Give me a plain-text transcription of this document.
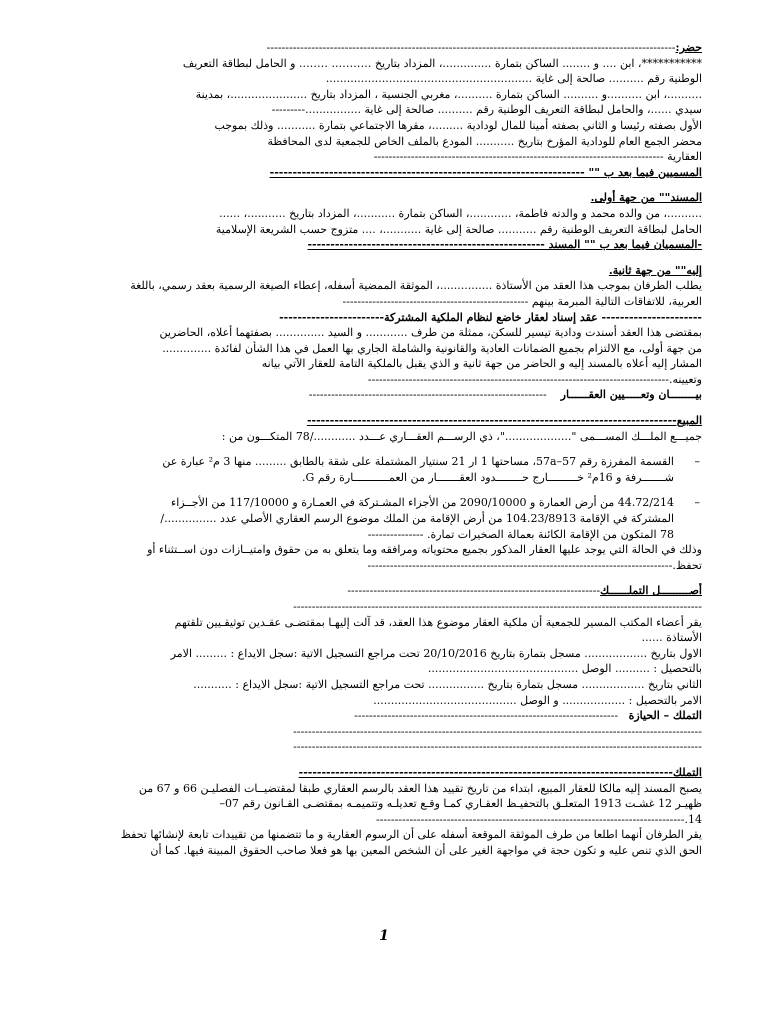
حضر:--------------------------------------------------------------------------------------------------------------
***********، ابن .... و ........ الساكن بتمارة ..............، المزداد بتاريخ ……….. …….. و الحامل لبطاقة التعريف
الوطنية رقم .......... صالحة إلى غاية ...........................................................
..........، ابن ..........و .......... الساكن بتمارة ..........، مغربي الجنسية ، المزداد بتاريخ ......................، بمدينة
سيدي ......، والحامل لبطاقة التعريف الوطنية رقم .......... صالحة إلى غاية ................---------
الأول بصفته رئيسا و الثاني بصفته أمينا للمال لودادية .........، مقرها الاجتماعي بتمارة ........... وذلك بموجب
محضر الجمع العام للودادية المؤرخ بتاريخ ........... المودع بالملف الخاص للجمعية لدى المحافظة
العقارية ------------------------------------------------------------------------------
المسميين فيما بعد ب "" ---------------------------------------------------------------------
المسند"" من جهة أولى.
..........، من والده محمد و والدته فاطمة، ............، الساكن بتمارة ...........، المزداد بتاريخ ...........، ......
الحامل لبطاقة التعريف الوطنية رقم ........... صالحة إلى غاية ...........، .... متزوج حسب الشريعة الإسلامية
-المسميان فيما بعد ب "" المسند ----------------------------------------------------
إليه"" من جهة ثانية.
يطلب الطرفان بموجب هذا العقد من الأستاذة ...............، الموثقة الممضية أسفله، إعطاء الصيغة الرسمية بعقد رسمي، باللغة
العربية، للاتفاقات التالية المبرمة بينهم --------------------------------------------------
---------------------- عقد إسناد لعقار خاضع لنظام الملكية المشتركة-----------------------
بمقتضى هذا العقد أسندت ودادية تيسير للسكن، ممثلة من طرف ............ و السيد .............. بصفتهما أعلاه، الحاضرين
من جهة أولى، مع الالتزام بجميع الضمانات العادية والقانونية والشاملة الجاري بها العمل في هذا الشأن لفائدة ..............
المشار إليه أعلاه بالمسند إليه و الحاضر من جهة ثانية و الذي يقبل بالملكية التامة للعقار الآتي بيانه
وتعيينه.---------------------------------------------------------------------------------
بيــــــــان وتعـــــيين العقــــــار    ----------------------------------------------------------------
المبيع---------------------------------------------------------------------------------
جميـــع الملـــك المســـمى "..................."، ذي الرســـم العقـــاري عـــدد ............/78 المتكـــون من :
–
القسمة المفرزة رقم 57–57a، مساحتها 1 ار 21 سنتيار المشتملة على شقة بالطابق ......... منها 3 م² عبارة عن
شـــــــرفة و 16م² خـــــــــارج حــــــــدود العقـــــــار من العمـــــــــــارة رقم G.
–
44.72/214 من أرض العمارة و 2090/10000 من الأجزاء المشـتركة في العمـارة و 117/10000 من الأجــزاء
المشتركة في الإقامة 104.23/8913 من أرض الإقامة من الملك موضوع الرسم العقاري الأصلي عدد .............../
78 المتكون من الإقامة الكائنة بعمالة الصخيرات تمارة. ---------------
وذلك في الحالة التي يوجد عليها العقار المذكور بجميع محتوياته ومرافقه وما يتعلق به من حقوق وامتيــازات دون اســتثناء أو
تحفظ.----------------------------------------------------------------------------------
أصـــــــــل التملــــــك--------------------------------------------------------------------
--------------------------------------------------------------------------------------------------------------
يقر أعضاء المكتب المسير للجمعية أن ملكية العقار موضوع هذا العقد، قد آلت إليهـا بمقتضـى عقـدين توثيقـيين تلقتهم
الأستاذة ......
الاول بتاريخ .................. مسجل بتمارة بتاريخ 20/10/2016 تحت مراجع التسجيل الاتية :سجل الايداع : ......... الامر
بالتحصيل : .......... الوصل ...........................................
الثاني بتاريخ .................. مسجل بتمارة بتاريخ ................ تحت مراجع التسجيل الاتية :سجل الايداع : ...........
الامر بالتحصيل : .................. و الوصل .........................................
التملك – الحيازة   -----------------------------------------------------------------------
--------------------------------------------------------------------------------------------------------------
--------------------------------------------------------------------------------------------------------------
التملك----------------------------------------------------------------------------------
يصبح المسند إليه مالكا للعقار المبيع، ابتداء من تاريخ تقييد هذا العقد بالرسم العقاري طبقا لمقتضيــات الفصليـن 66 و 67 من
ظهيـر 12 غشـت 1913 المتعلـق بالتحفيـظ العقـاري كمـا وقـع تعديلـه وتتميمـه بمقتضـى القـانون رقم 07–
14.-----------------------------------------------------------------------------------
يقر الطرفان أنهما اطلعا من طرف الموثقة الموقعة أسفله على أن الرسوم العقارية و ما تتضمنها من تقييدات تابعة لإنشائها تحفظ
الحق الذي تنص عليه و تكون حجة في مواجهة الغير على أن الشخص المعين بها هو فعلا صاحب الحقوق المبينة فيها. كما أن
1
